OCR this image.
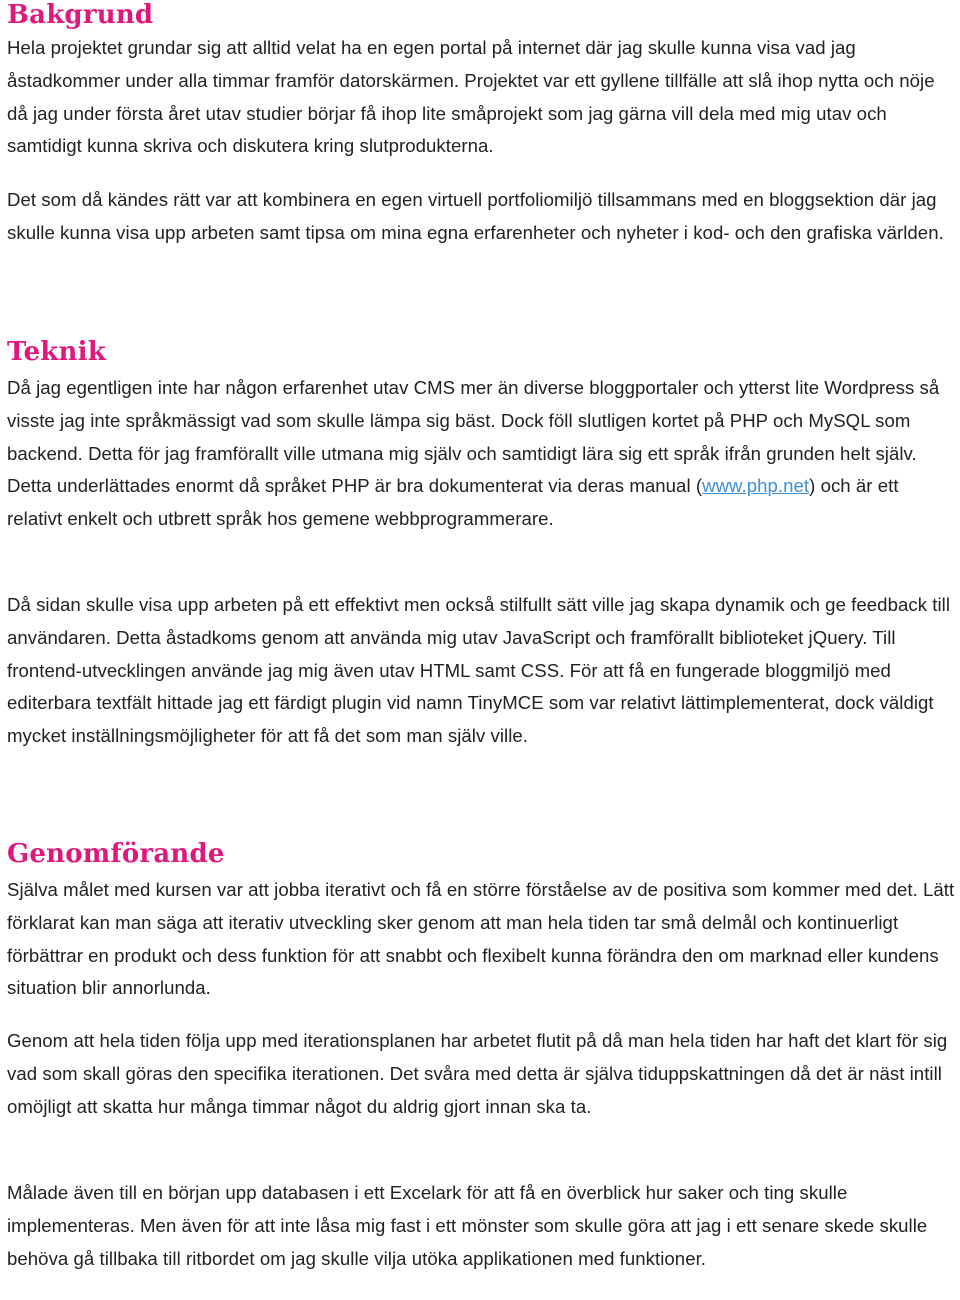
Bakgrund

Hela projektet grundar sig att alltid velat ha en egen portal på internet där jag skulle kunna visa vad jag åstadkommer under alla timmar framför datorskärmen. Projektet var ett gyllene tillfälle att slå ihop nytta och nöje då jag under första året utav studier börjar få ihop lite småprojekt som jag gärna vill dela med mig utav och samtidigt kunna skriva och diskutera kring slutprodukterna.

Det som då kändes rätt var att kombinera en egen virtuell portfoliomiljö tillsammans med en bloggsektion där jag skulle kunna visa upp arbeten samt tipsa om mina egna erfarenheter och nyheter i kod- och den grafiska världen.

Teknik

Då jag egentligen inte har någon erfarenhet utav CMS mer än diverse bloggportaler och ytterst lite Wordpress så visste jag inte språkmässigt vad som skulle lämpa sig bäst. Dock föll slutligen kortet på PHP och MySQL som backend. Detta för jag framförallt ville utmana mig själv och samtidigt lära sig ett språk ifrån grunden helt själv. Detta underlättades enormt då språket PHP är bra dokumenterat via deras manual (www.php.net) och är ett relativt enkelt och utbrett språk hos gemene webbprogrammerare.

Då sidan skulle visa upp arbeten på ett effektivt men också stilfullt sätt ville jag skapa dynamik och ge feedback till användaren. Detta åstadkoms genom att använda mig utav JavaScript och framförallt biblioteket jQuery. Till frontend-utvecklingen använde jag mig även utav HTML samt CSS. För att få en fungerade bloggmiljö med editerbara textfält hittade jag ett färdigt plugin vid namn TinyMCE som var relativt lättimplementerat, dock väldigt mycket inställningsmöjligheter för att få det som man själv ville.

Genomförande

Själva målet med kursen var att jobba iterativt och få en större förståelse av de positiva som kommer med det. Lätt förklarat kan man säga att iterativ utveckling sker genom att man hela tiden tar små delmål och kontinuerligt förbättrar en produkt och dess funktion för att snabbt och flexibelt kunna förändra den om marknad eller kundens situation blir annorlunda.

Genom att hela tiden följa upp med iterationsplanen har arbetet flutit på då man hela tiden har haft det klart för sig vad som skall göras den specifika iterationen. Det svåra med detta är själva tiduppskattningen då det är näst intill omöjligt att skatta hur många timmar något du aldrig gjort innan ska ta.

Målade även till en början upp databasen i ett Excelark för att få en överblick hur saker och ting skulle implementeras. Men även för att inte låsa mig fast i ett mönster som skulle göra att jag i ett senare skede skulle behöva gå tillbaka till ritbordet om jag skulle vilja utöka applikationen med funktioner.
